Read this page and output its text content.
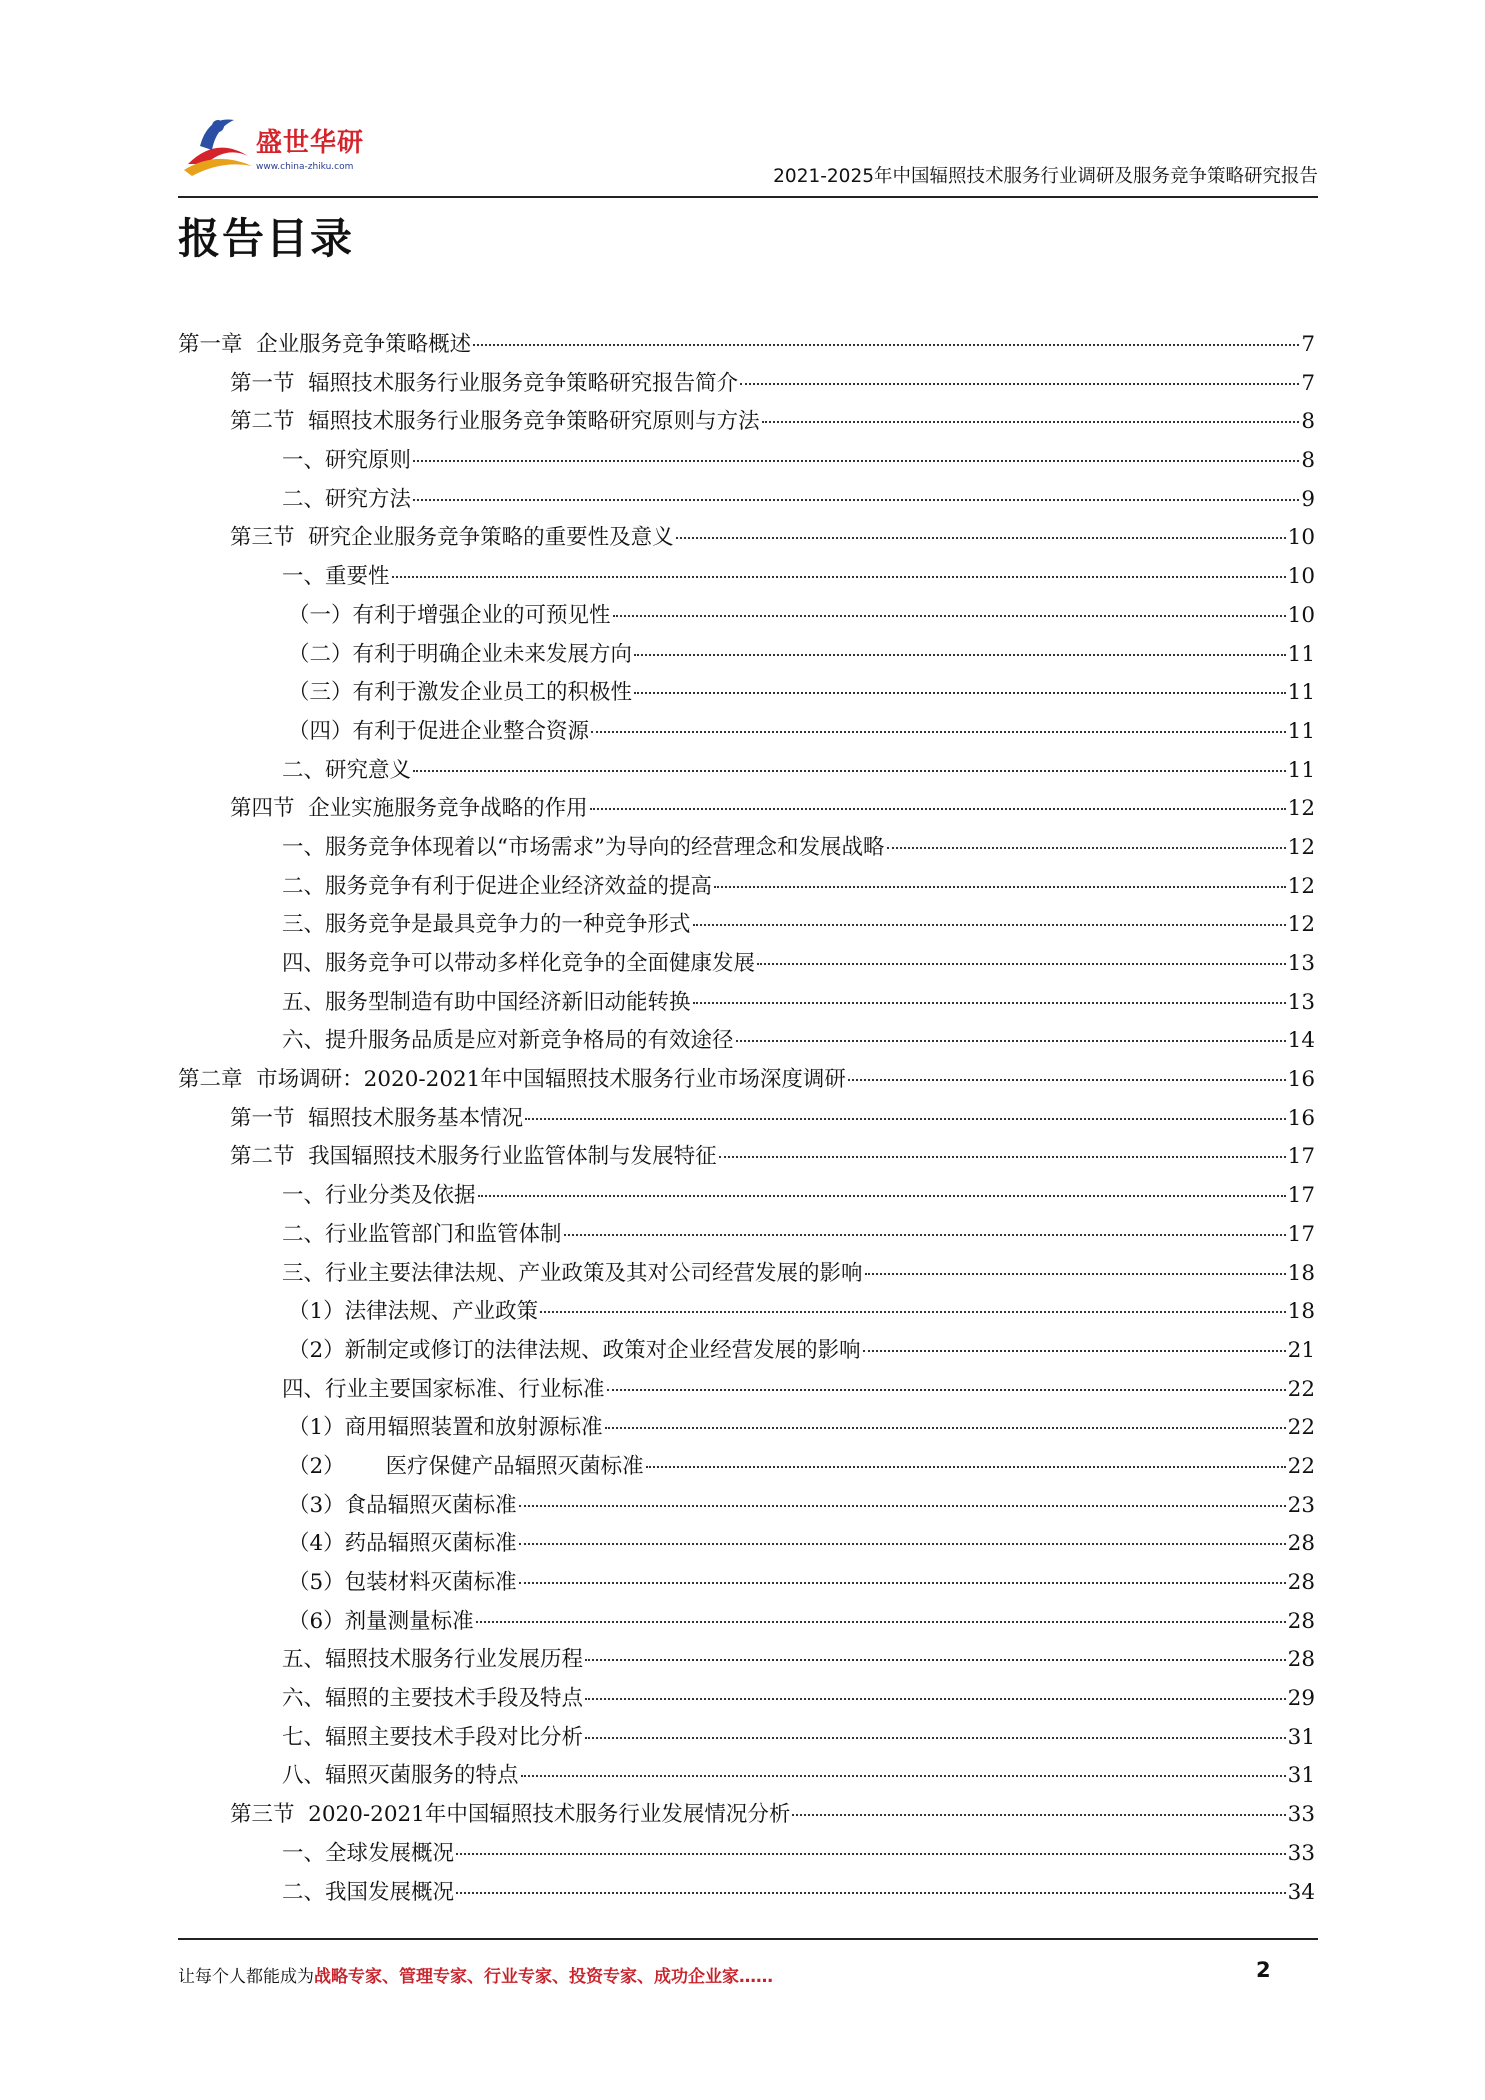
盛世华研
www.china-zhiku.com	2021-2025年中国辐照技术服务行业调研及服务竞争策略研究报告
报告目录
第一章  企业服务竞争策略概述	7
第一节  辐照技术服务行业服务竞争策略研究报告简介	7
第二节  辐照技术服务行业服务竞争策略研究原则与方法	8
一、研究原则	8
二、研究方法	9
第三节  研究企业服务竞争策略的重要性及意义	10
一、重要性	10
（一）有利于增强企业的可预见性	10
（二）有利于明确企业未来发展方向	11
（三）有利于激发企业员工的积极性	11
（四）有利于促进企业整合资源	11
二、研究意义	11
第四节  企业实施服务竞争战略的作用	12
一、服务竞争体现着以“市场需求”为导向的经营理念和发展战略	12
二、服务竞争有利于促进企业经济效益的提高	12
三、服务竞争是最具竞争力的一种竞争形式	12
四、服务竞争可以带动多样化竞争的全面健康发展	13
五、服务型制造有助中国经济新旧动能转换	13
六、提升服务品质是应对新竞争格局的有效途径	14
第二章  市场调研：2020-2021年中国辐照技术服务行业市场深度调研	16
第一节  辐照技术服务基本情况	16
第二节  我国辐照技术服务行业监管体制与发展特征	17
一、行业分类及依据	17
二、行业监管部门和监管体制	17
三、行业主要法律法规、产业政策及其对公司经营发展的影响	18
（1）法律法规、产业政策	18
（2）新制定或修订的法律法规、政策对企业经营发展的影响	21
四、行业主要国家标准、行业标准	22
（1）商用辐照装置和放射源标准	22
（2）      医疗保健产品辐照灭菌标准	22
（3）食品辐照灭菌标准	23
（4）药品辐照灭菌标准	28
（5）包装材料灭菌标准	28
（6）剂量测量标准	28
五、辐照技术服务行业发展历程	28
六、辐照的主要技术手段及特点	29
七、辐照主要技术手段对比分析	31
八、辐照灭菌服务的特点	31
第三节  2020-2021年中国辐照技术服务行业发展情况分析	33
一、全球发展概况	33
二、我国发展概况	34
让每个人都能成为战略专家、管理专家、行业专家、投资专家、成功企业家……	2
